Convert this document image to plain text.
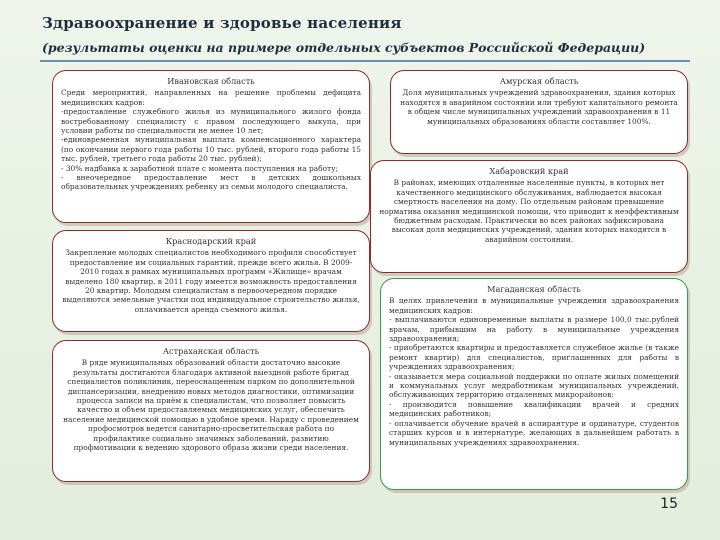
Здравоохранение и здоровье населения
(результаты оценки на примере отдельных субъектов Российской Федерации)
Ивановская область
Среди мероприятий, направленных на решение проблемы дефицита медицинских кадров:
-предоставление служебного жилья из муниципального жилого фонда востребованному специалисту с правом последующего выкупа, при условии работы по специальности не менее 10 лет;
-единовременная муниципальная выплата компенсационного характера (по окончании первого года работы 10 тыс. рублей, второго года работы 15 тыс. рублей, третьего года работы 20 тыс. рублей);
- 30% надбавка к заработной плате с момента поступления на работу;
- внеочередное предоставление мест в детских дошкольных образовательных учреждениях ребенку из семьи молодого специалиста.
Краснодарский край
Закрепление молодых специалистов необходимого профиля способствует предоставление им социальных гарантий, прежде всего жилья. В 2009-2010 годах в рамках муниципальных программ «Жилище» врачам выделено 180 квартир, в 2011 году имеется возможность предоставления 20 квартир. Молодым специалистам в первоочередном порядке выделяются земельные участки под индивидуальное строительство жилья, оплачивается аренда съемного жилья.
Астраханская область
В ряде муниципальных образований области достаточно высокие результаты достигаются благодаря активной выездной работе бригад специалистов поликлиник, переоснащенным парком по дополнительной диспансеризации, внедрению новых методов диагностики, оптимизации процесса записи на приём к специалистам, что позволяет повысить качество и объем предоставляемых медицинских услуг, обеспечить население медицинской помощью в удобное время. Наряду с проведением профосмотров ведется санитарно-просветительская работа по профилактике социально значимых заболеваний, развитию профмотивации к ведению здорового образа жизни среди населения.
Амурская область
Доля муниципальных учреждений здравоохранения, здания которых находятся в аварийном состоянии или требуют капитального ремонта в общем числе муниципальных учреждений здравоохранения в 11 муниципальных образованиях области составляет 100%.
Хабаровский край
В районах, имеющих отдаленные населенные пункты, в которых нет качественного медицинского обслуживания, наблюдается высокая смертность населения на дому. По отдельным районам превышение норматива оказания медицинской помощи, что приводит к неэффективным бюджетным расходам. Практически во всех районах зафиксирована высокая доля медицинских учреждений, здания которых находятся в аварийном состоянии.
Магаданская область
В целях привлечения в муниципальные учреждения здравоохранения медицинских кадров:
- выплачиваются единовременные выплаты в размере 100,0 тыс.рублей врачам, прибывшим на работу в муниципальные учреждения здравоохранения;
- приобретаются квартиры и предоставляется служебное жилье (в также ремонт квартир) для специалистов, приглашенных для работы в учреждениях здравоохранения;
- оказывается мера социальной поддержки по оплате жилых помещений и коммунальных услуг медработникам муниципальных учреждений, обслуживающих территорию отдаленных микрорайонов;
- производится повышение квалификации врачей и средних медицинских работников;
- оплачивается обучение врачей в аспирантуре и ординатуре, студентов старших курсов и в интернатуре, желающих в дальнейшем работать в муниципальных учреждениях здравоохранения.
15
